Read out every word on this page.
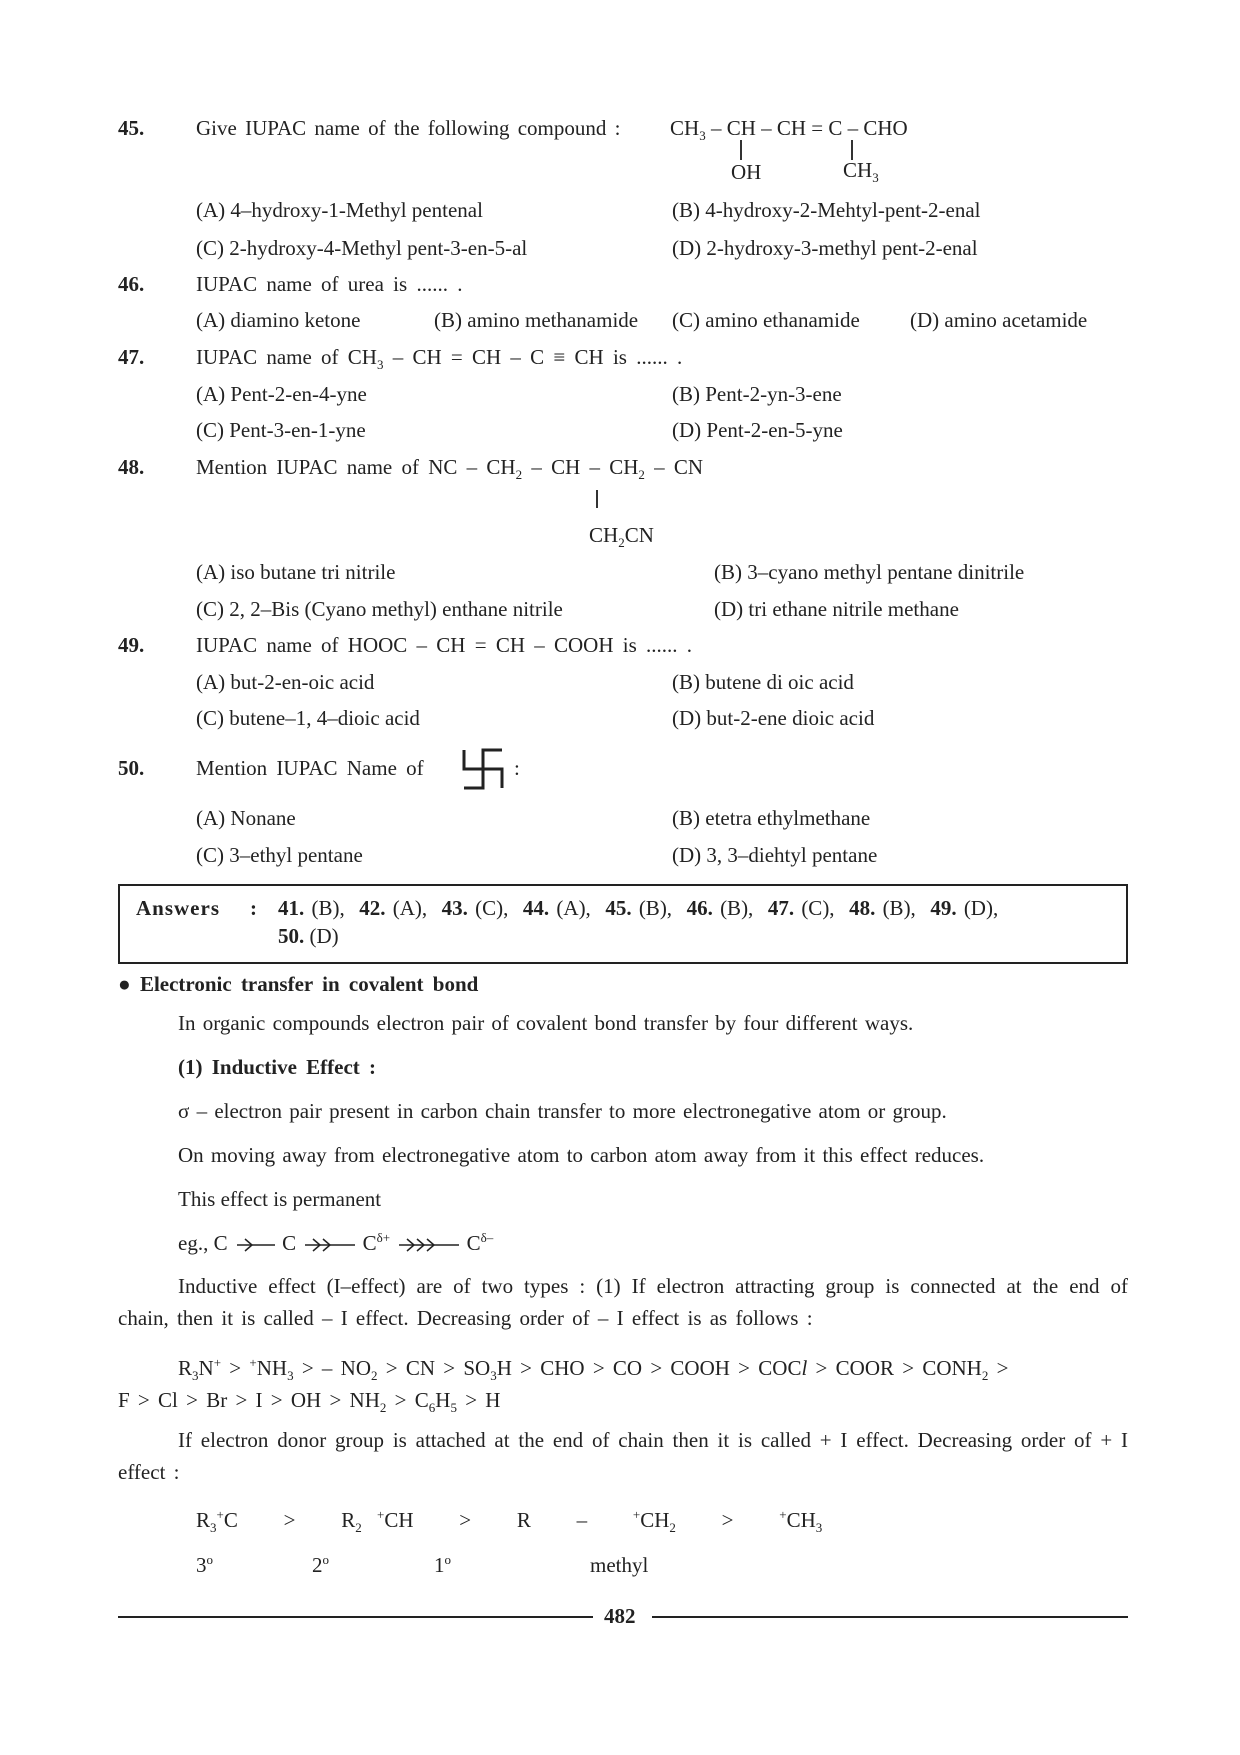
45. Give IUPAC name of the following compound : $CH_3$ – CH – CH = C – CHO
OH	$CH_3$
(A) 4–hydroxy-1-Methyl pentenal	(B) 4-hydroxy-2-Mehtyl-pent-2-enal
(C) 2-hydroxy-4-Methyl pent-3-en-5-al	(D) 2-hydroxy-3-methyl pent-2-enal
46. IUPAC name of urea is ...... .
(A) diamino ketone	(B) amino methanamide (C) amino ethanamide (D) amino acetamide
47. IUPAC name of $CH_3$ – CH = CH – C ≡ CH is ...... .
(A) Pent-2-en-4-yne	(B) Pent-2-yn-3-ene
(C) Pent-3-en-1-yne	(D) Pent-2-en-5-yne
48. Mention IUPAC name of NC – $CH_2$ – CH – $CH_2$ – CN
$CH_2CN$
(A) iso butane tri nitrile	(B) 3–cyano methyl pentane dinitrile
(C) 2, 2–Bis (Cyano methyl) enthane nitrile	(D) tri ethane nitrile methane
49. IUPAC name of HOOC – CH = CH – COOH is ...... .
(A) but-2-en-oic acid	(B) butene di oic acid
(C) butene–1, 4–dioic acid	(D) but-2-ene dioic acid
50. Mention IUPAC Name of	:
(A) Nonane	(B) etetra ethylmethane
(C) 3–ethyl pentane	(D) 3, 3–diehtyl pentane
Answers : 41. (B), 42. (A), 43. (C), 44. (A), 45. (B), 46. (B), 47. (C), 48. (B), 49. (D),
50. (D)
● Electronic transfer in covalent bond
In organic compounds electron pair of covalent bond transfer by four different ways.
(1) Inductive Effect :
σ – electron pair present in carbon chain transfer to more electronegative atom or group.
On moving away from electronegative atom to carbon atom away from it this effect reduces.
This effect is permanent
eg., C	C	$C^{\delta+}$	$C^{\delta-}$
Inductive effect (I–effect) are of two types : (1) If electron attracting group is connected at the end of chain, then it is called – I effect. Decreasing order of – I effect is as follows :
$R_3N^+ > ^+NH_3$ > – $NO_2$ > CN > $SO_3H$ > CHO > CO > COOH > COCl > COOR > $CONH_2$ >
F > Cl > Br > I > OH > $NH_2 > C_6H_5 > H$
If electron donor group is attached at the end of chain then it is called + I effect. Decreasing order of + I effect :
$R_3^+C > R_2$ $^+CH > R - ^+CH_2 > ^+CH_3$
3$^o$	2$^o$	1$^o$	methyl
482
